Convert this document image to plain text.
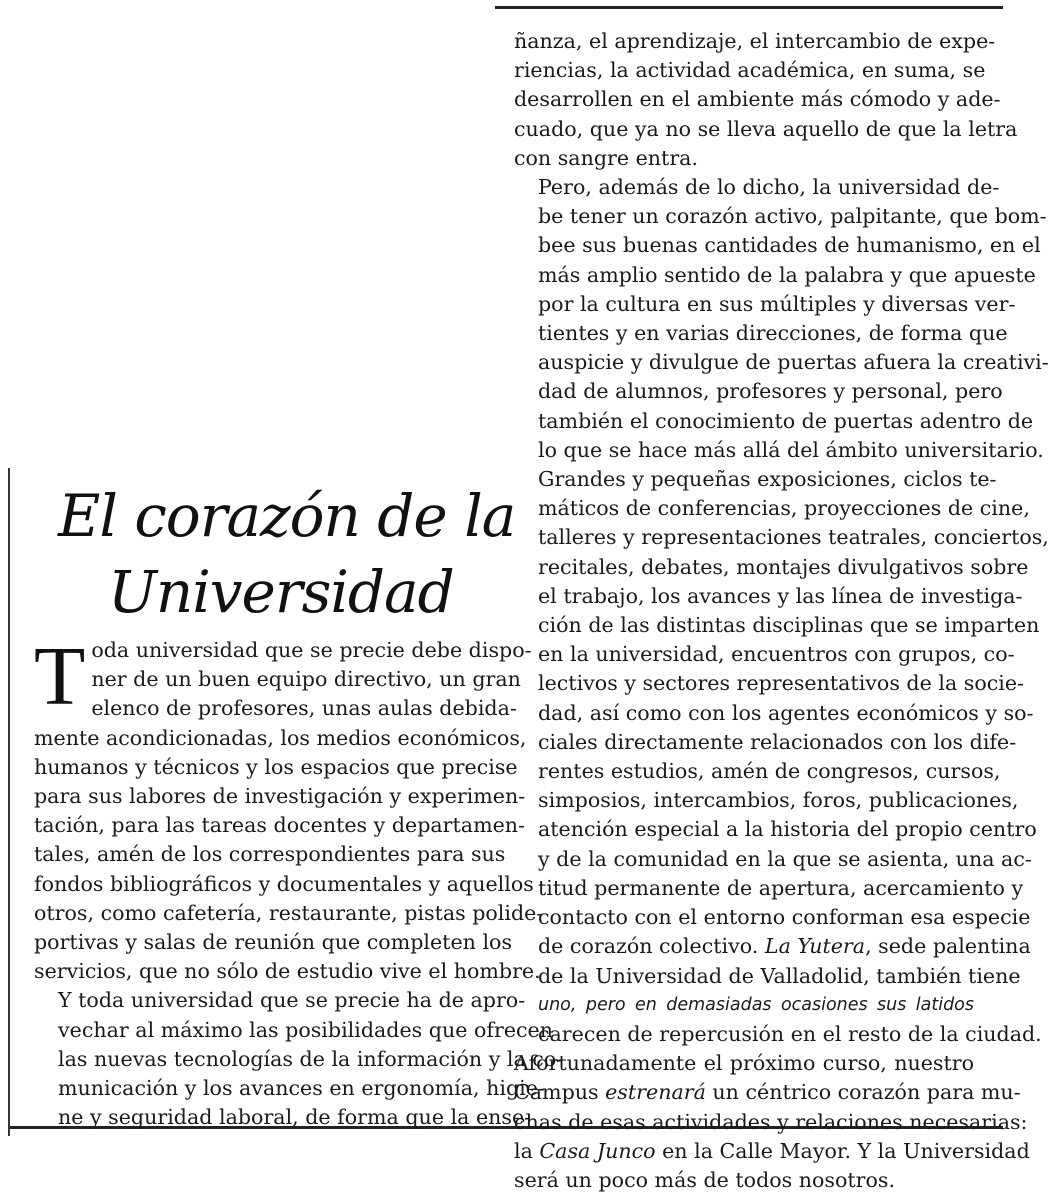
El corazón de la
Universidad

T oda universidad que se precie debe dispo-
ner de un buen equipo directivo, un gran
elenco de profesores, unas aulas debida-
mente acondicionadas, los medios económicos,
humanos y técnicos y los espacios que precise
para sus labores de investigación y experimen-
tación, para las tareas docentes y departamen-
tales, amén de los correspondientes para sus
fondos bibliográficos y documentales y aquellos
otros, como cafetería, restaurante, pistas polide-
portivas y salas de reunión que completen los
servicios, que no sólo de estudio vive el hombre.

Y toda universidad que se precie ha de apro-
vechar al máximo las posibilidades que ofrecen
las nuevas tecnologías de la información y la co-
municación y los avances en ergonomía, higie-
ne y seguridad laboral, de forma que la ense-

ñanza, el aprendizaje, el intercambio de expe-
riencias, la actividad académica, en suma, se
desarrollen en el ambiente más cómodo y ade-
cuado, que ya no se lleva aquello de que la letra
con sangre entra.

Pero, además de lo dicho, la universidad de-
be tener un corazón activo, palpitante, que bom-
bee sus buenas cantidades de humanismo, en el
más amplio sentido de la palabra y que apueste
por la cultura en sus múltiples y diversas ver-
tientes y en varias direcciones, de forma que
auspicie y divulgue de puertas afuera la creativi-
dad de alumnos, profesores y personal, pero
también el conocimiento de puertas adentro de
lo que se hace más allá del ámbito universitario.

Grandes y pequeñas exposiciones, ciclos te-
máticos de conferencias, proyecciones de cine,
talleres y representaciones teatrales, conciertos,
recitales, debates, montajes divulgativos sobre
el trabajo, los avances y las línea de investiga-
ción de las distintas disciplinas que se imparten
en la universidad, encuentros con grupos, co-
lectivos y sectores representativos de la socie-
dad, así como con los agentes económicos y so-
ciales directamente relacionados con los dife-
rentes estudios, amén de congresos, cursos,
simposios, intercambios, foros, publicaciones,
atención especial a la historia del propio centro
y de la comunidad en la que se asienta, una ac-
titud permanente de apertura, acercamiento y
contacto con el entorno conforman esa especie
de corazón colectivo. La Yutera, sede palentina
de la Universidad de Valladolid, también tiene
uno, pero en demasiadas ocasiones sus latidos
carecen de repercusión en el resto de la ciudad.

Afortunadamente el próximo curso, nuestro
Campus estrenará un céntrico corazón para mu-
chas de esas actividades y relaciones necesarias:
la Casa Junco en la Calle Mayor. Y la Universidad
será un poco más de todos nosotros.
